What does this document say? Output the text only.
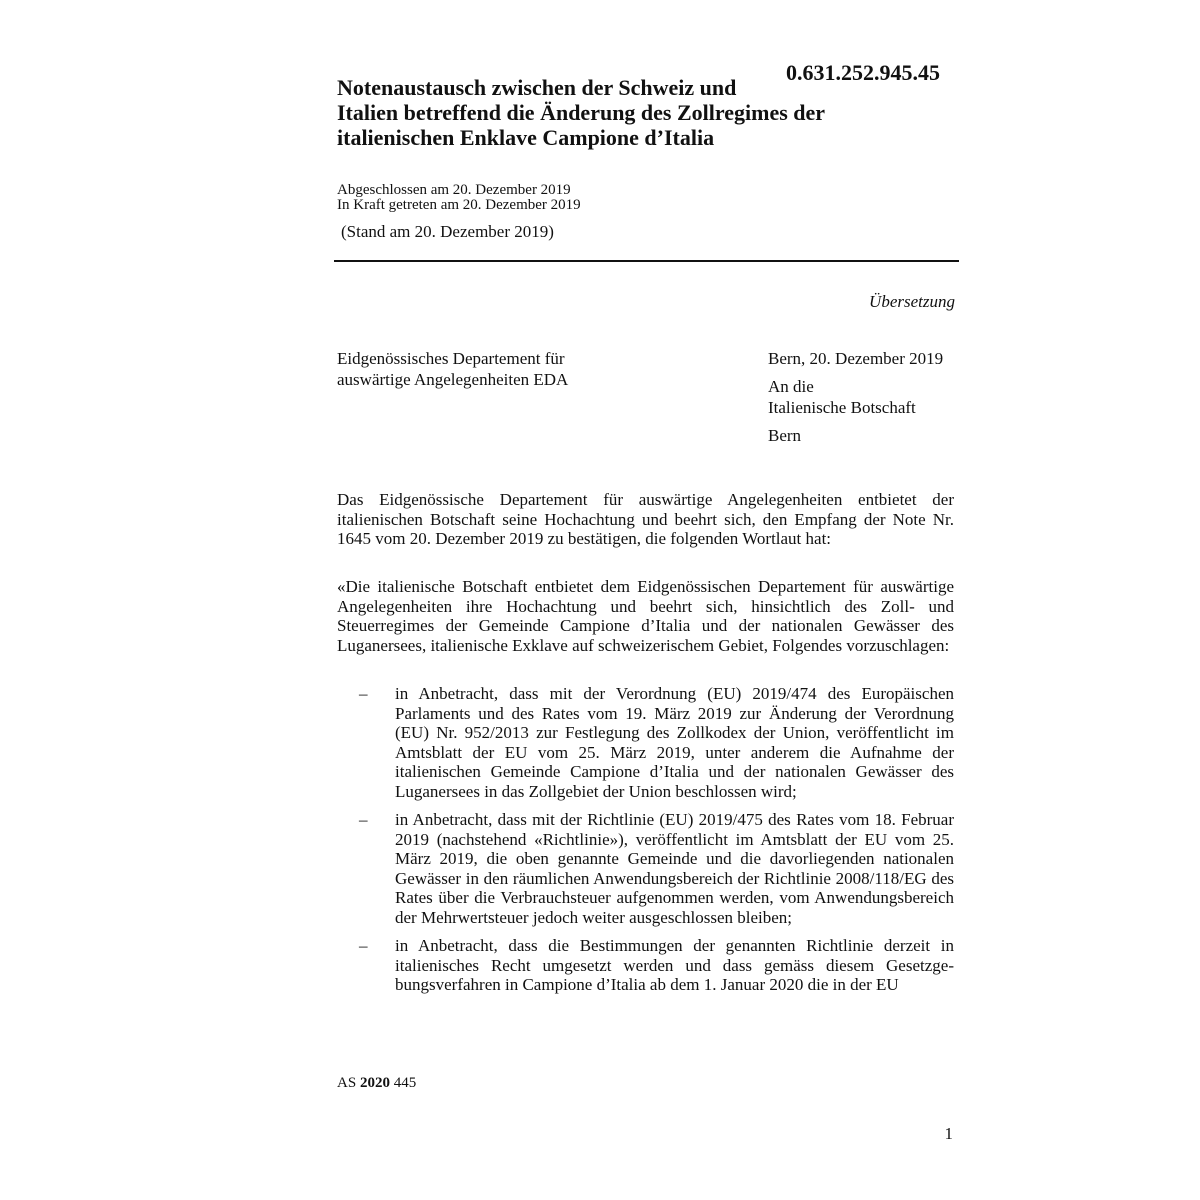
0.631.252.945.45
Notenaustausch zwischen der Schweiz und
Italien betreffend die Änderung des Zollregimes der
italienischen Enklave Campione d’Italia
Abgeschlossen am 20. Dezember 2019
In Kraft getreten am 20. Dezember 2019
(Stand am 20. Dezember 2019)
Übersetzung
Eidgenössisches Departement für
auswärtige Angelegenheiten EDA
Bern, 20. Dezember 2019
An die
Italienische Botschaft
Bern
Das Eidgenössische Departement für auswärtige Angelegenheiten entbietet der italienischen Botschaft seine Hochachtung und beehrt sich, den Empfang der Note Nr. 1645 vom 20. Dezember 2019 zu bestätigen, die folgenden Wortlaut hat:
«Die italienische Botschaft entbietet dem Eidgenössischen Departement für auswärtige Angelegenheiten ihre Hochachtung und beehrt sich, hinsichtlich des Zoll- und Steuerregimes der Gemeinde Campione d’Italia und der nationalen Gewässer des Luganersees, italienische Exklave auf schweizerischem Gebiet, Folgendes vorzuschlagen:
– in Anbetracht, dass mit der Verordnung (EU) 2019/474 des Europäischen Parlaments und des Rates vom 19. März 2019 zur Änderung der Verordnung (EU) Nr. 952/2013 zur Festlegung des Zollkodex der Union, veröffentlicht im Amtsblatt der EU vom 25. März 2019, unter anderem die Aufnahme der italienischen Gemeinde Campione d’Italia und der nationalen Gewässer des Luganersees in das Zollgebiet der Union beschlossen wird;
– in Anbetracht, dass mit der Richtlinie (EU) 2019/475 des Rates vom 18. Februar 2019 (nachstehend «Richtlinie»), veröffentlicht im Amtsblatt der EU vom 25. März 2019, die oben genannte Gemeinde und die davorliegenden nationalen Gewässer in den räumlichen Anwendungsbereich der Richtlinie 2008/118/EG des Rates über die Verbrauchsteuer aufgenommen werden, vom Anwendungsbereich der Mehrwertsteuer jedoch weiter ausgeschlossen bleiben;
– in Anbetracht, dass die Bestimmungen der genannten Richtlinie derzeit in italienisches Recht umgesetzt werden und dass gemäss diesem Gesetzgebungsverfahren in Campione d’Italia ab dem 1. Januar 2020 die in der EU
AS 2020 445
1
